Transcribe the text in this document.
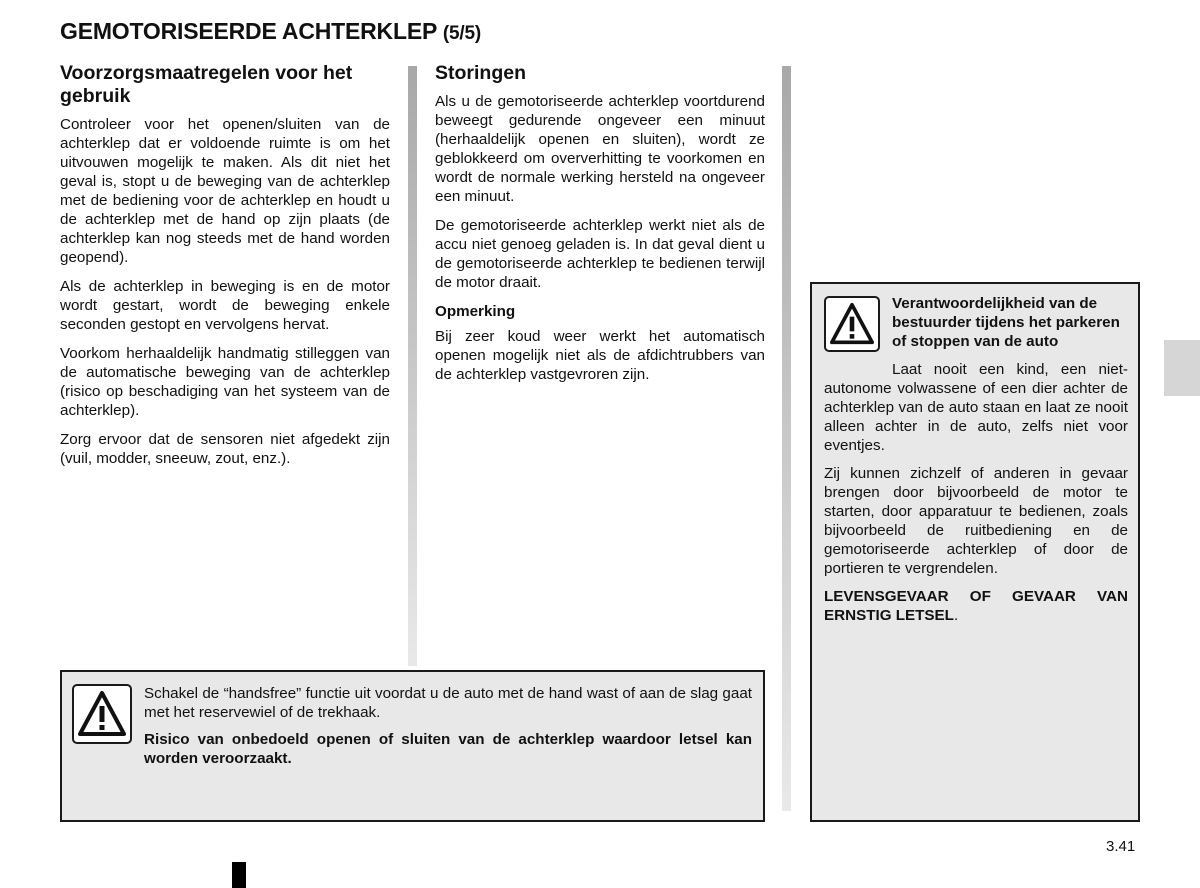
GEMOTORISEERDE ACHTERKLEP (5/5)
Voorzorgsmaatregelen voor het gebruik

Controleer voor het openen/sluiten van de achterklep dat er voldoende ruimte is om het uitvouwen mogelijk te maken. Als dit niet het geval is, stopt u de beweging van de achterklep met de bediening voor de achterklep en houdt u de achterklep met de hand op zijn plaats (de achterklep kan nog steeds met de hand worden geopend).

Als de achterklep in beweging is en de motor wordt gestart, wordt de beweging enkele seconden gestopt en vervolgens hervat.

Voorkom herhaaldelijk handmatig stilleggen van de automatische beweging van de achterklep (risico op beschadiging van het systeem van de achterklep).

Zorg ervoor dat de sensoren niet afgedekt zijn (vuil, modder, sneeuw, zout, enz.).

Storingen

Als u de gemotoriseerde achterklep voortdurend beweegt gedurende ongeveer een minuut (herhaaldelijk openen en sluiten), wordt ze geblokkeerd om oververhitting te voorkomen en wordt de normale werking hersteld na ongeveer een minuut.

De gemotoriseerde achterklep werkt niet als de accu niet genoeg geladen is. In dat geval dient u de gemotoriseerde achterklep te bedienen terwijl de motor draait.

Opmerking

Bij zeer koud weer werkt het automatisch openen mogelijk niet als de afdichtrubbers van de achterklep vastgevroren zijn.

Schakel de “handsfree” functie uit voordat u de auto met de hand wast of aan de slag gaat met het reservewiel of de trekhaak.

Risico van onbedoeld openen of sluiten van de achterklep waardoor letsel kan worden veroorzaakt.

Verantwoordelijkheid van de bestuurder tijdens het parkeren of stoppen van de auto

Laat nooit een kind, een niet-autonome volwassene of een dier achter de achterklep van de auto staan en laat ze nooit alleen achter in de auto, zelfs niet voor eventjes.

Zij kunnen zichzelf of anderen in gevaar brengen door bijvoorbeeld de motor te starten, door apparatuur te bedienen, zoals bijvoorbeeld de ruitbediening en de gemotoriseerde achterklep of door de portieren te vergrendelen.

LEVENSGEVAAR OF GEVAAR VAN ERNSTIG LETSEL.

3.41
